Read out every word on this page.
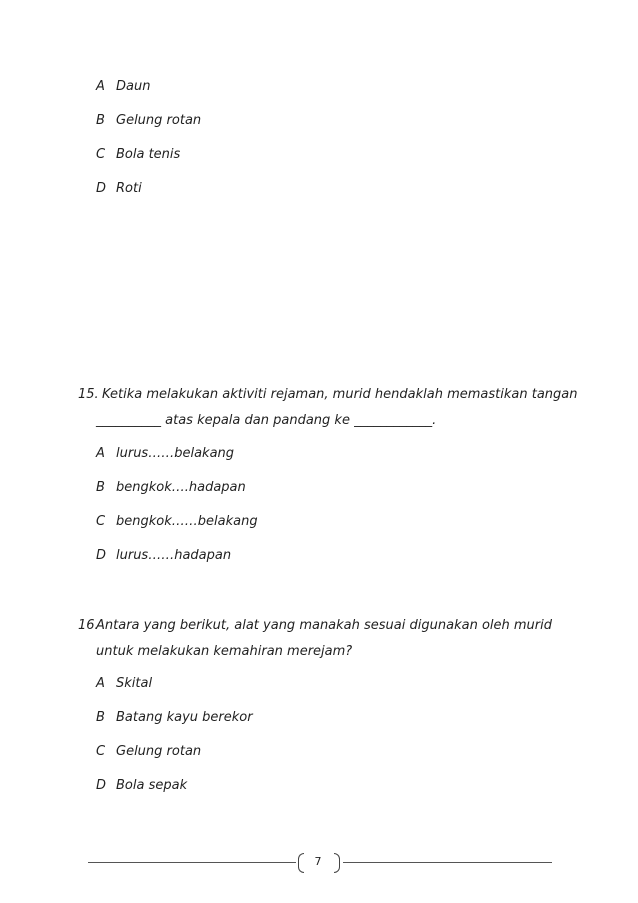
A Daun
B Gelung rotan
C Bola tenis
D Roti
15. Ketika melakukan aktiviti rejaman, murid hendaklah memastikan tangan
__________ atas kepala dan pandang ke ____________.
A lurus……belakang
B bengkok….hadapan
C bengkok……belakang
D lurus……hadapan
16.
Antara yang berikut, alat yang manakah sesuai digunakan oleh murid
untuk melakukan kemahiran merejam?
A Skital
B Batang kayu berekor
C Gelung rotan
D Bola sepak
7
